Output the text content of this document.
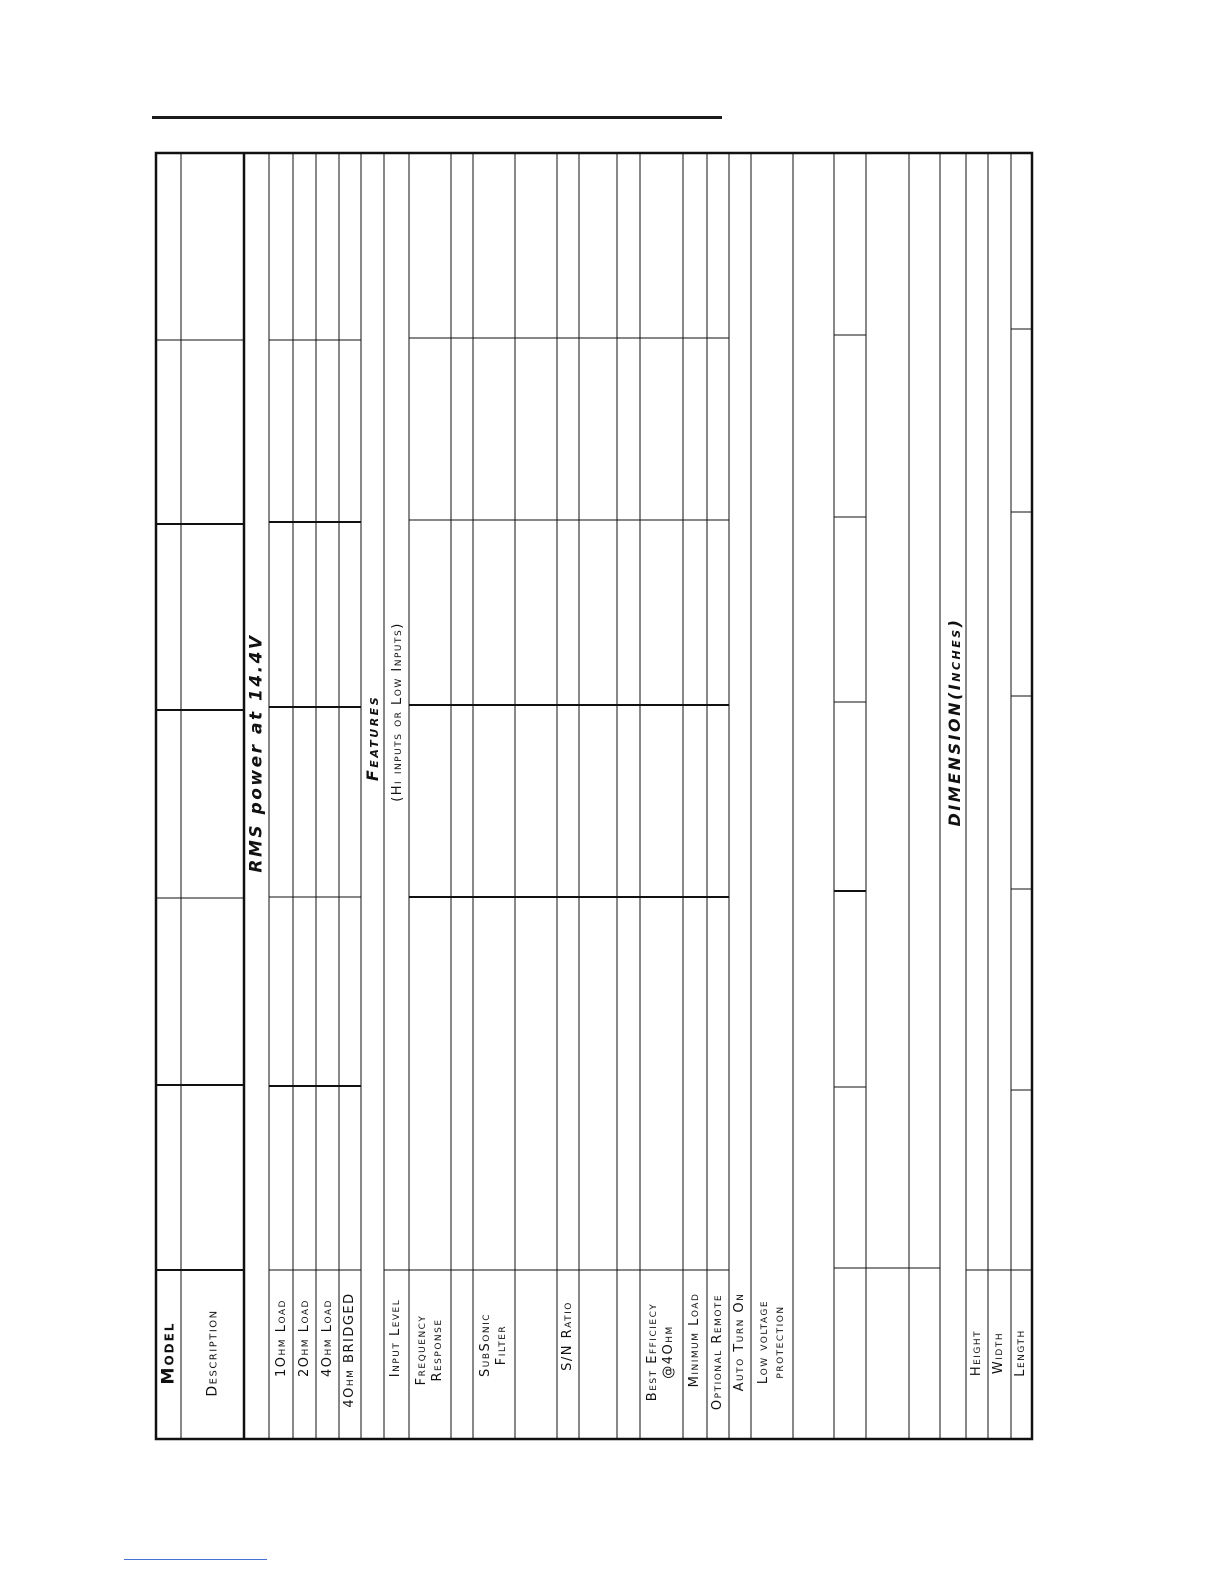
Model Description
RMS power at 14.4V
1Ohm Load 2Ohm Load 4Ohm Load 4Ohm BRIDGED
Features (Hi inputs or Low Inputs)
Input Level Frequency
Response	SubSonic
Filter	S/N Ratio
Best Efficiecy
@4Ohm Minimum Load Optional Remote Auto Turn On Low voltage
protection
DIMENSION(Inches)
Height Width Length
